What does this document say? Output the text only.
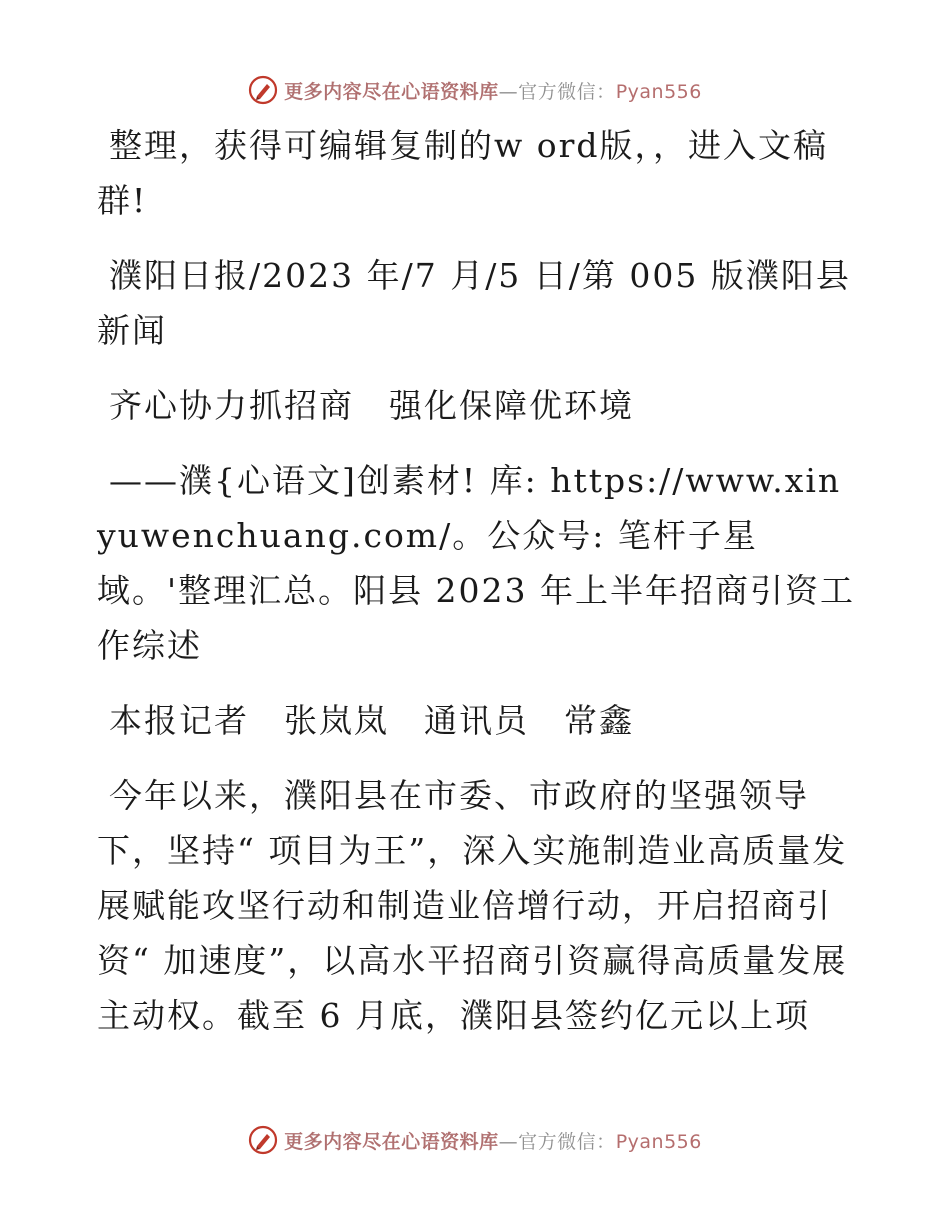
更多内容尽在心语资料库—官方微信：Pyan556

整理，获得可编辑复制的w ord版，，进入文稿群!

濮阳日报/2023 年/7 月/5 日/第 005 版濮阳县新闻

齐心协力抓招商　强化保障优环境

——濮{心语文]创素材! 库: https://www.xinyuwenchuang.com/。公众号: 笔杆子星域。'整理汇总。阳县 2023 年上半年招商引资工作综述

本报记者　张岚岚　通讯员　常鑫

今年以来，濮阳县在市委、市政府的坚强领导下，坚持“ 项目为王”，深入实施制造业高质量发展赋能攻坚行动和制造业倍增行动，开启招商引资“ 加速度”，以高水平招商引资赢得高质量发展主动权。截至 6 月底，濮阳县签约亿元以上项

更多内容尽在心语资料库—官方微信：Pyan556
